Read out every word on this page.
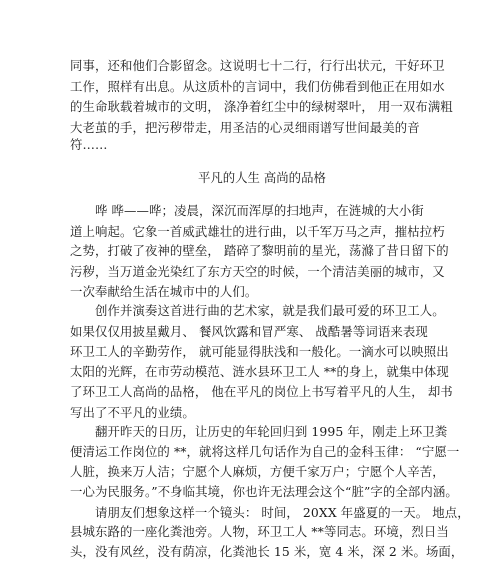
同事，还和他们合影留念。这说明七十二行，行行出状元，干好环卫
工作，照样有出息。从这质朴的言词中，我们仿佛看到他正在用如水
的生命耿载着城市的文明， 涤净着红尘中的绿树翠叶， 用一双布满粗
大老茧的手，把污秽带走，用圣洁的心灵细雨谱写世间最美的音
符……
平凡的人生 高尚的品格
哗 哗——哗；凌晨，深沉而浑厚的扫地声，在涟城的大小街
道上响起。它象一首威武雄壮的进行曲，以千军万马之声，摧枯拉朽
之势，打破了夜神的壁垒， 踏碎了黎明前的星光，荡滌了昔日留下的
污秽，当万道金光染红了东方天空的时候，一个清洁美丽的城市，又
一次奉献给生活在城市中的人们。
创作并演奏这首进行曲的艺术家，就是我们最可爱的环卫工人。
如果仅仅用披星戴月、 餐风饮露和冒严寒、 战酷暑等词语来表现
环卫工人的辛勤劳作， 就可能显得肤浅和一般化。一滴水可以映照出
太阳的光辉，在市劳动模范、涟水县环卫工人 **的身上，就集中体现
了环卫工人高尚的品格， 他在平凡的岗位上书写着平凡的人生， 却书
写出了不平凡的业绩。
翻开昨天的日历，让历史的年轮回归到 1995 年，刚走上环卫粪
便清运工作岗位的 **，就将这样几句话作为自己的金科玉律： “宁愿一
人脏，换来万人洁；宁愿个人麻烦，方便千家万户；宁愿个人辛苦，
一心为民服务。”不身临其境，你也许无法理会这个“脏”字的全部内涵。
请朋友们想象这样一个镜头： 时间， 20XX 年盛夏的一天。 地点，
县城东路的一座化粪池旁。人物，环卫工人 **等同志。环境，烈日当
头，没有风丝，没有荫凉，化粪池长 15 米，宽 4 米，深 2 米。场面，
